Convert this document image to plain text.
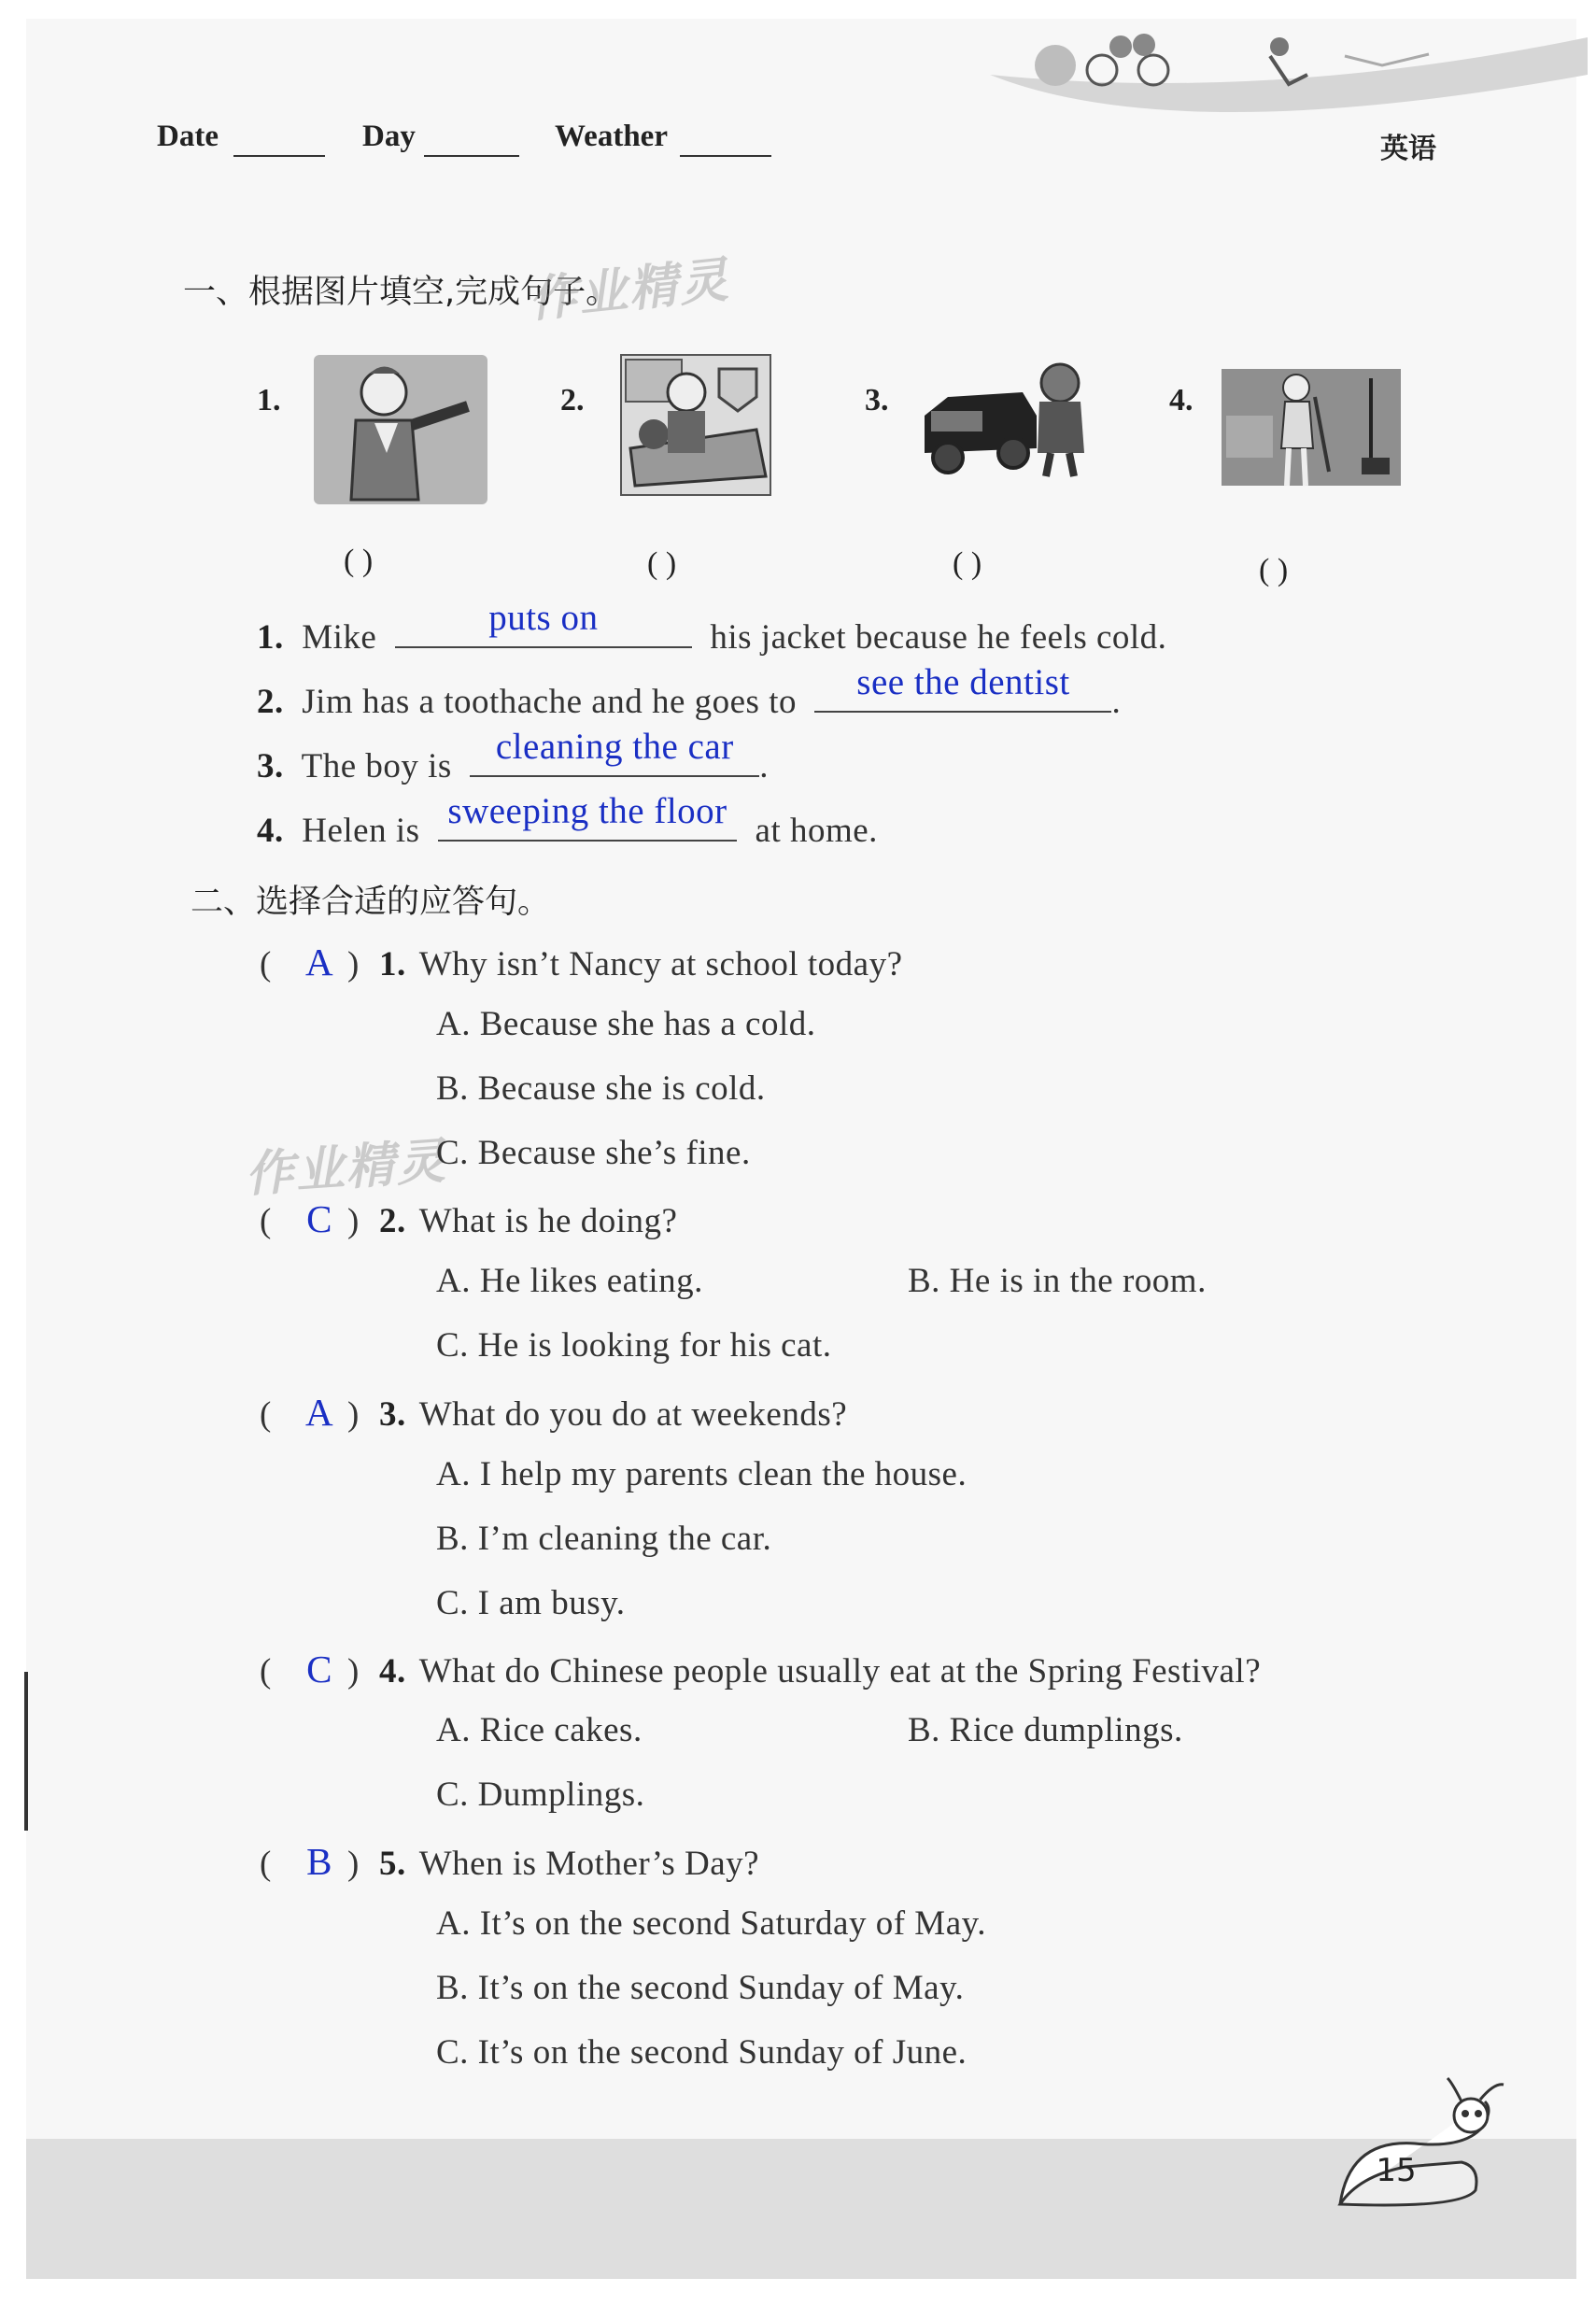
Date	Day	Weather	英语
一、根据图片填空,完成句子。
作业精灵
1.
( )
2.
( )
3.
( )
4.
( )
1. Mike	puts on	his jacket because he feels cold.
2. Jim has a toothache and he goes to	see the dentist	.
3. The boy is	cleaning the car .
4. Helen is sweeping the floor at home.
二、选择合适的应答句。
作业精灵
( A ) 1. Why isn’t Nancy at school today?
A. Because she has a cold.
B. Because she is cold.
C. Because she’s fine.
( C ) 2. What is he doing?
A. He likes eating.	B. He is in the room.
C. He is looking for his cat.
( A ) 3. What do you do at weekends?
A. I help my parents clean the house.
B. I’m cleaning the car.
C. I am busy.
( C ) 4. What do Chinese people usually eat at the Spring Festival?
A. Rice cakes.	B. Rice dumplings.
C. Dumplings.
( B ) 5. When is Mother’s Day?
A. It’s on the second Saturday of May.
B. It’s on the second Sunday of May.
C. It’s on the second Sunday of June.
15
